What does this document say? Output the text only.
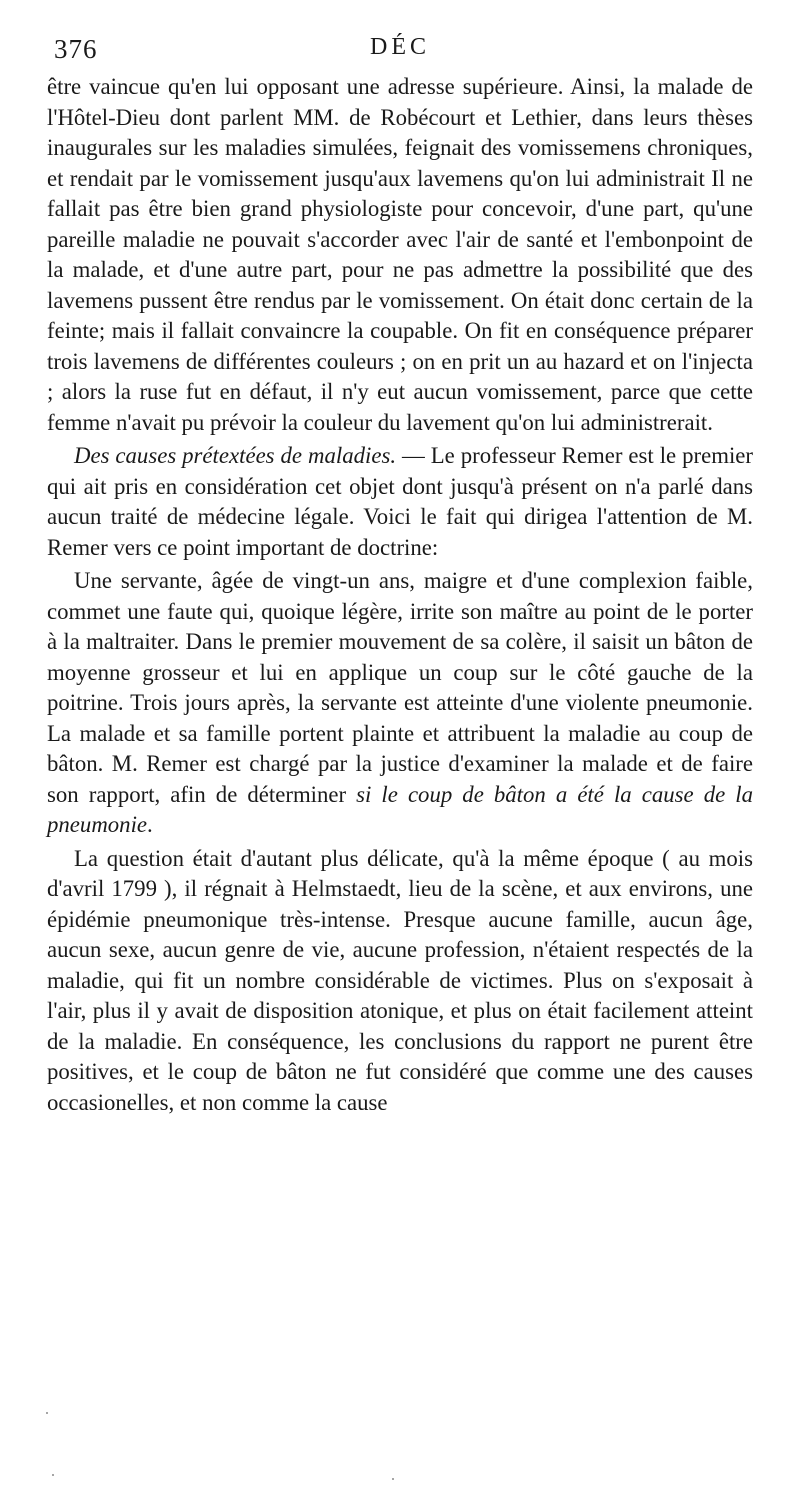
376	DÉC

être vaincue qu'en lui opposant une adresse supérieure. Ainsi, la malade de l'Hôtel-Dieu dont parlent MM. de Robécourt et Lethier, dans leurs thèses inaugurales sur les maladies simulées, feignait des vomissemens chroniques, et rendait par le vomissement jusqu'aux lavemens qu'on lui administrait Il ne fallait pas être bien grand physiologiste pour concevoir, d'une part, qu'une pareille maladie ne pouvait s'accorder avec l'air de santé et l'embonpoint de la malade, et d'une autre part, pour ne pas admettre la possibilité que des lavemens pussent être rendus par le vomissement. On était donc certain de la feinte; mais il fallait convaincre la coupable. On fit en conséquence préparer trois lavemens de différentes couleurs ; on en prit un au hazard et on l'injecta ; alors la ruse fut en défaut, il n'y eut aucun vomissement, parce que cette femme n'avait pu prévoir la couleur du lavement qu'on lui administrerait.

Des causes prétextées de maladies. — Le professeur Remer est le premier qui ait pris en considération cet objet dont jusqu'à présent on n'a parlé dans aucun traité de médecine légale. Voici le fait qui dirigea l'attention de M. Remer vers ce point important de doctrine:

Une servante, âgée de vingt-un ans, maigre et d'une complexion faible, commet une faute qui, quoique légère, irrite son maître au point de le porter à la maltraiter. Dans le premier mouvement de sa colère, il saisit un bâton de moyenne grosseur et lui en applique un coup sur le côté gauche de la poitrine. Trois jours après, la servante est atteinte d'une violente pneumonie. La malade et sa famille portent plainte et attribuent la maladie au coup de bâton. M. Remer est chargé par la justice d'examiner la malade et de faire son rapport, afin de déterminer si le coup de bâton a été la cause de la pneumonie.

La question était d'autant plus délicate, qu'à la même époque ( au mois d'avril 1799 ), il régnait à Helmstaedt, lieu de la scène, et aux environs, une épidémie pneumonique très-intense. Presque aucune famille, aucun âge, aucun sexe, aucun genre de vie, aucune profession, n'étaient respectés de la maladie, qui fit un nombre considérable de victimes. Plus on s'exposait à l'air, plus il y avait de disposition atonique, et plus on était facilement atteint de la maladie. En conséquence, les conclusions du rapport ne purent être positives, et le coup de bâton ne fut considéré que comme une des causes occasionelles, et non comme la cause
